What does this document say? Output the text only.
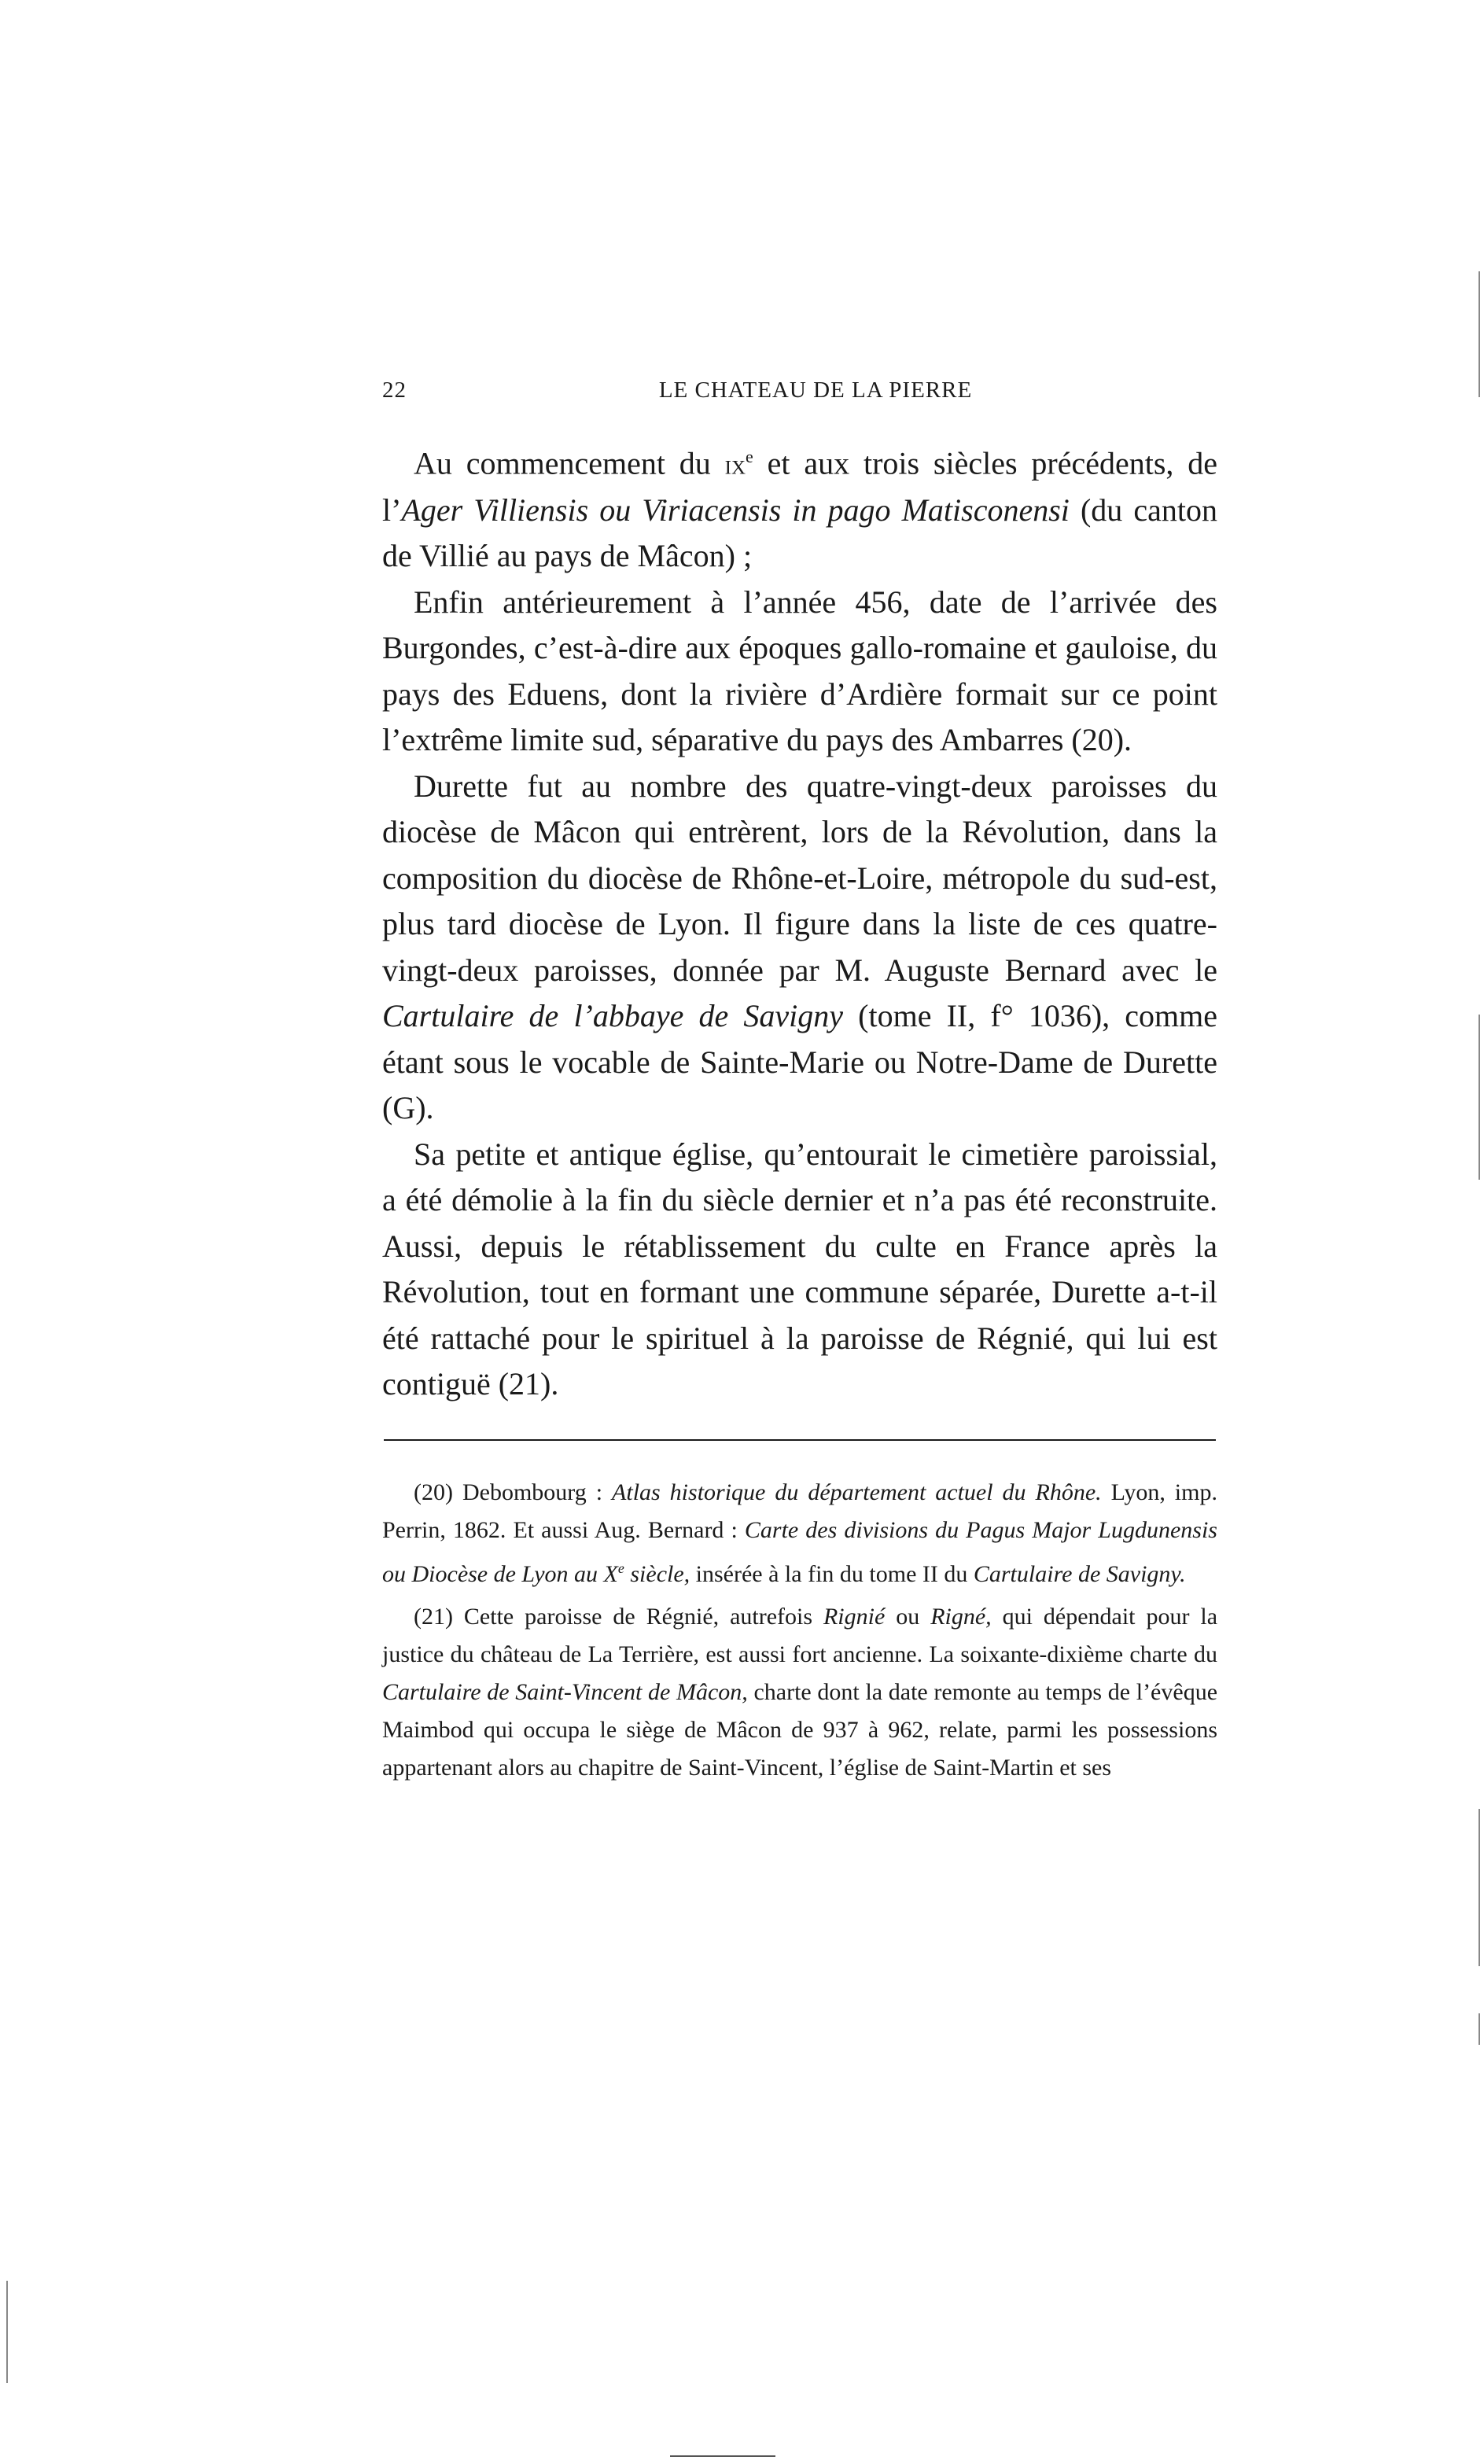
22	LE CHATEAU DE LA PIERRE

Au commencement du $ix^e$ et aux trois siècles précédents, de l’Ager Villiensis ou Viriacensis in pago Matisconensi (du canton de Villié au pays de Mâcon) ;

Enfin antérieurement à l’année 456, date de l’arrivée des Burgondes, c’est-à-dire aux époques gallo-romaine et gauloise, du pays des Eduens, dont la rivière d’Ardière formait sur ce point l’extrême limite sud, séparative du pays des Ambarres (20).

Durette fut au nombre des quatre-vingt-deux paroisses du diocèse de Mâcon qui entrèrent, lors de la Révolution, dans la composition du diocèse de Rhône-et-Loire, métropole du sud-est, plus tard diocèse de Lyon. Il figure dans la liste de ces quatre-vingt-deux paroisses, donnée par M. Auguste Bernard avec le Cartulaire de l’abbaye de Savigny (tome II, f° 1036), comme étant sous le vocable de Sainte-Marie ou Notre-Dame de Durette (G).

Sa petite et antique église, qu’entourait le cimetière paroissial, a été démolie à la fin du siècle dernier et n’a pas été reconstruite. Aussi, depuis le rétablissement du culte en France après la Révolution, tout en formant une commune séparée, Durette a-t-il été rattaché pour le spirituel à la paroisse de Régnié, qui lui est contiguë (21).

(20) Debombourg : Atlas historique du département actuel du Rhône. Lyon, imp. Perrin, 1862. Et aussi Aug. Bernard : Carte des divisions du Pagus Major Lugdunensis ou Diocèse de Lyon au Xe siècle, insérée à la fin du tome II du Cartulaire de Savigny.

(21) Cette paroisse de Régnié, autrefois Rignié ou Rigné, qui dépendait pour la justice du château de La Terrière, est aussi fort ancienne. La soixante-dixième charte du Cartulaire de Saint-Vincent de Mâcon, charte dont la date remonte au temps de l’évêque Maimbod qui occupa le siège de Mâcon de 937 à 962, relate, parmi les possessions appartenant alors au chapitre de Saint-Vincent, l’église de Saint-Martin et ses
